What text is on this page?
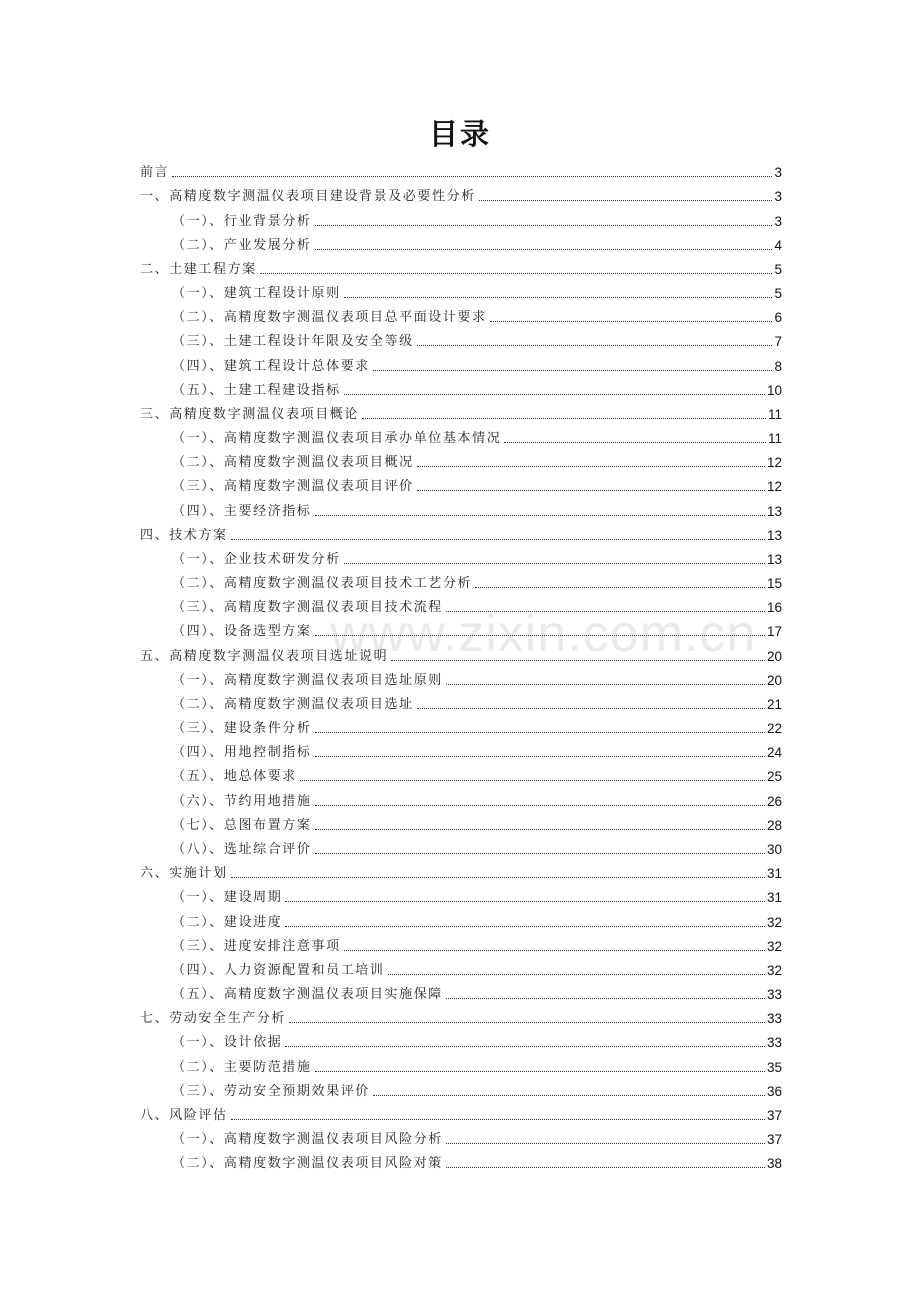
目录
www.zixin.com.cn
前言	3
一、高精度数字测温仪表项目建设背景及必要性分析	3
（一）、行业背景分析	3
（二）、产业发展分析	4
二、土建工程方案	5
（一）、建筑工程设计原则	5
（二）、高精度数字测温仪表项目总平面设计要求	6
（三）、土建工程设计年限及安全等级	7
（四）、建筑工程设计总体要求	8
（五）、土建工程建设指标	10
三、高精度数字测温仪表项目概论	11
（一）、高精度数字测温仪表项目承办单位基本情况	11
（二）、高精度数字测温仪表项目概况	12
（三）、高精度数字测温仪表项目评价	12
（四）、主要经济指标	13
四、技术方案	13
（一）、企业技术研发分析	13
（二）、高精度数字测温仪表项目技术工艺分析	15
（三）、高精度数字测温仪表项目技术流程	16
（四）、设备选型方案	17
五、高精度数字测温仪表项目选址说明	20
（一）、高精度数字测温仪表项目选址原则	20
（二）、高精度数字测温仪表项目选址	21
（三）、建设条件分析	22
（四）、用地控制指标	24
（五）、地总体要求	25
（六）、节约用地措施	26
（七）、总图布置方案	28
（八）、选址综合评价	30
六、实施计划	31
（一）、建设周期	31
（二）、建设进度	32
（三）、进度安排注意事项	32
（四）、人力资源配置和员工培训	32
（五）、高精度数字测温仪表项目实施保障	33
七、劳动安全生产分析	33
（一）、设计依据	33
（二）、主要防范措施	35
（三）、劳动安全预期效果评价	36
八、风险评估	37
（一）、高精度数字测温仪表项目风险分析	37
（二）、高精度数字测温仪表项目风险对策	38
